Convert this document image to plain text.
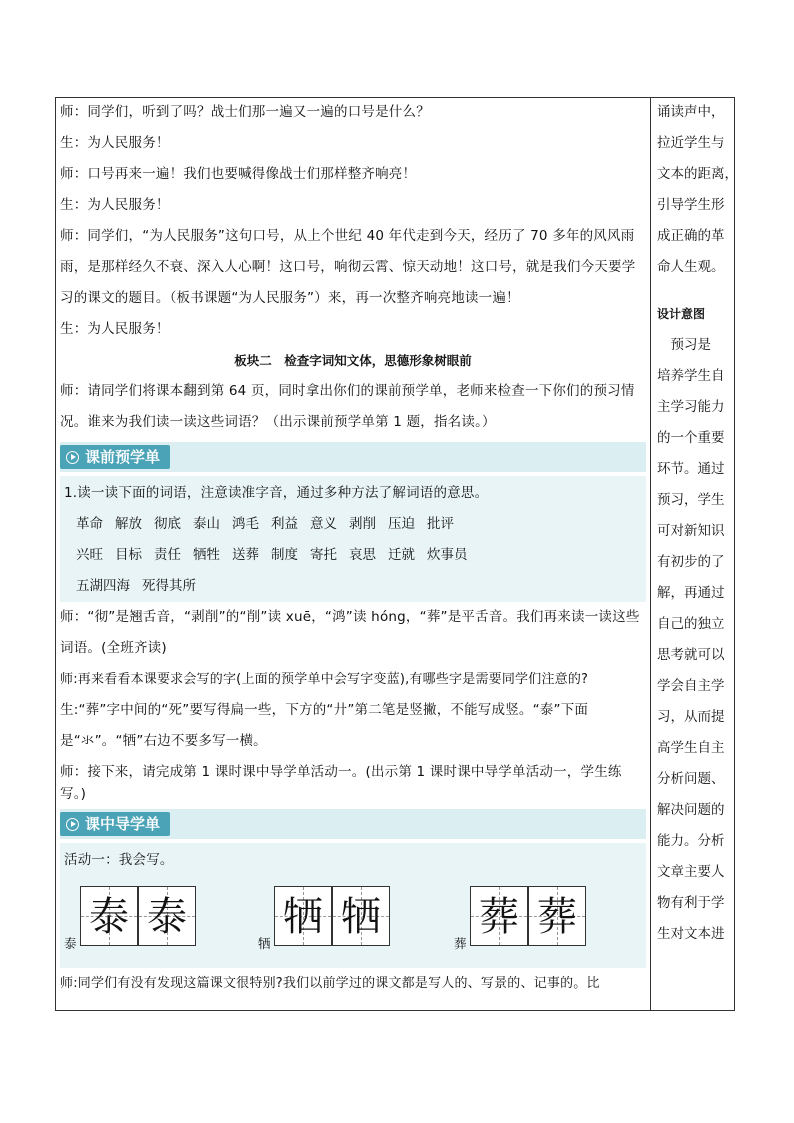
师：同学们，听到了吗？战士们那一遍又一遍的口号是什么？
生：为人民服务！
师：口号再来一遍！我们也要喊得像战士们那样整齐响亮！
生：为人民服务！
师：同学们，“为人民服务”这句口号，从上个世纪 40 年代走到今天，经历了 70 多年的风风雨雨，是那样经久不衰、深入人心啊！这口号，响彻云霄、惊天动地！这口号，就是我们今天要学习的课文的题目。（板书课题“为人民服务”）来，再一次整齐响亮地读一遍！
生：为人民服务！
板块二　检查字词知文体，思德形象树眼前
师：请同学们将课本翻到第 64 页，同时拿出你们的课前预学单，老师来检查一下你们的预习情况。谁来为我们读一读这些词语？（出示课前预学单第 1 题，指名读。）
课前预学单
1.读一读下面的词语，注意读准字音，通过多种方法了解词语的意思。
革命 解放 彻底 泰山 鸿毛 利益 意义 剥削 压迫 批评
兴旺 目标 责任 牺牲 送葬 制度 寄托 哀思 迁就 炊事员
五湖四海 死得其所
师：“彻”是翘舌音，“剥削”的“削”读 xuē，“鸿”读 hóng，“葬”是平舌音。我们再来读一读这些词语。(全班齐读)
师:再来看看本课要求会写的字(上面的预学单中会写字变蓝),有哪些字是需要同学们注意的?
生:“葬”字中间的“死”要写得扁一些，下方的“廾”第二笔是竖撇，不能写成竖。“泰”下面是“氺”。“牺”右边不要多写一横。
师：接下来，请完成第 1 课时课中导学单活动一。(出示第 1 课时课中导学单活动一，学生练写。)
课中导学单
活动一：我会写。
泰 泰
泰
牺 牺
牺
葬 葬
葬
师:同学们有没有发现这篇课文很特别?我们以前学过的课文都是写人的、写景的、记事的。比
诵读声中，
拉近学生与
文本的距离，
引导学生形
成正确的革
命人生观。
设计意图
　预习是
培养学生自
主学习能力
的一个重要
环节。通过
预习，学生
可对新知识
有初步的了
解，再通过
自己的独立
思考就可以
学会自主学
习，从而提
高学生自主
分析问题、
解决问题的
能力。分析
文章主要人
物有利于学
生对文本进
